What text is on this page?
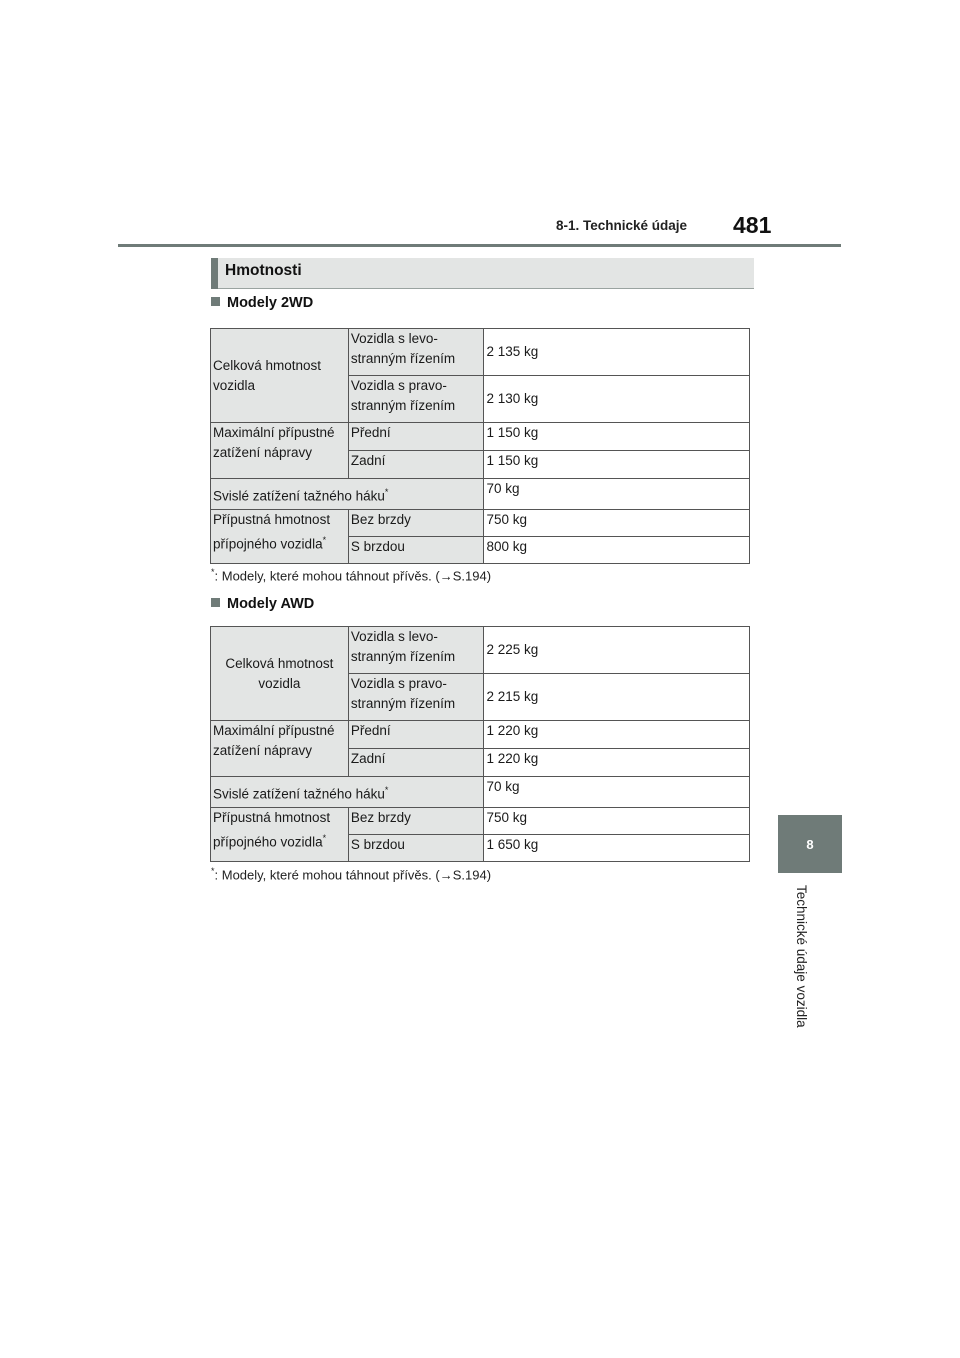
8-1. Technické údaje 481
8
Technické údaje vozidla
Hmotnosti
Modely 2WD
Celková hmotnost vozidla	Vozidla s levo-stranným řízením	2 135 kg
	Vozidla s pravo-stranným řízením	2 130 kg
Maximální přípustné zatížení nápravy	Přední	1 150 kg
	Zadní	1 150 kg
Svislé zatížení tažného háku*		70 kg
Přípustná hmotnost přípojného vozidla*	Bez brzdy	750 kg
	S brzdou	800 kg
*: Modely, které mohou táhnout přívěs. (→S.194)
Modely AWD
Celková hmotnost vozidla	Vozidla s levo-stranným řízením	2 225 kg
	Vozidla s pravo-stranným řízením	2 215 kg
Maximální přípustné zatížení nápravy	Přední	1 220 kg
	Zadní	1 220 kg
Svislé zatížení tažného háku*		70 kg
Přípustná hmotnost přípojného vozidla*	Bez brzdy	750 kg
	S brzdou	1 650 kg
*: Modely, které mohou táhnout přívěs. (→S.194)
